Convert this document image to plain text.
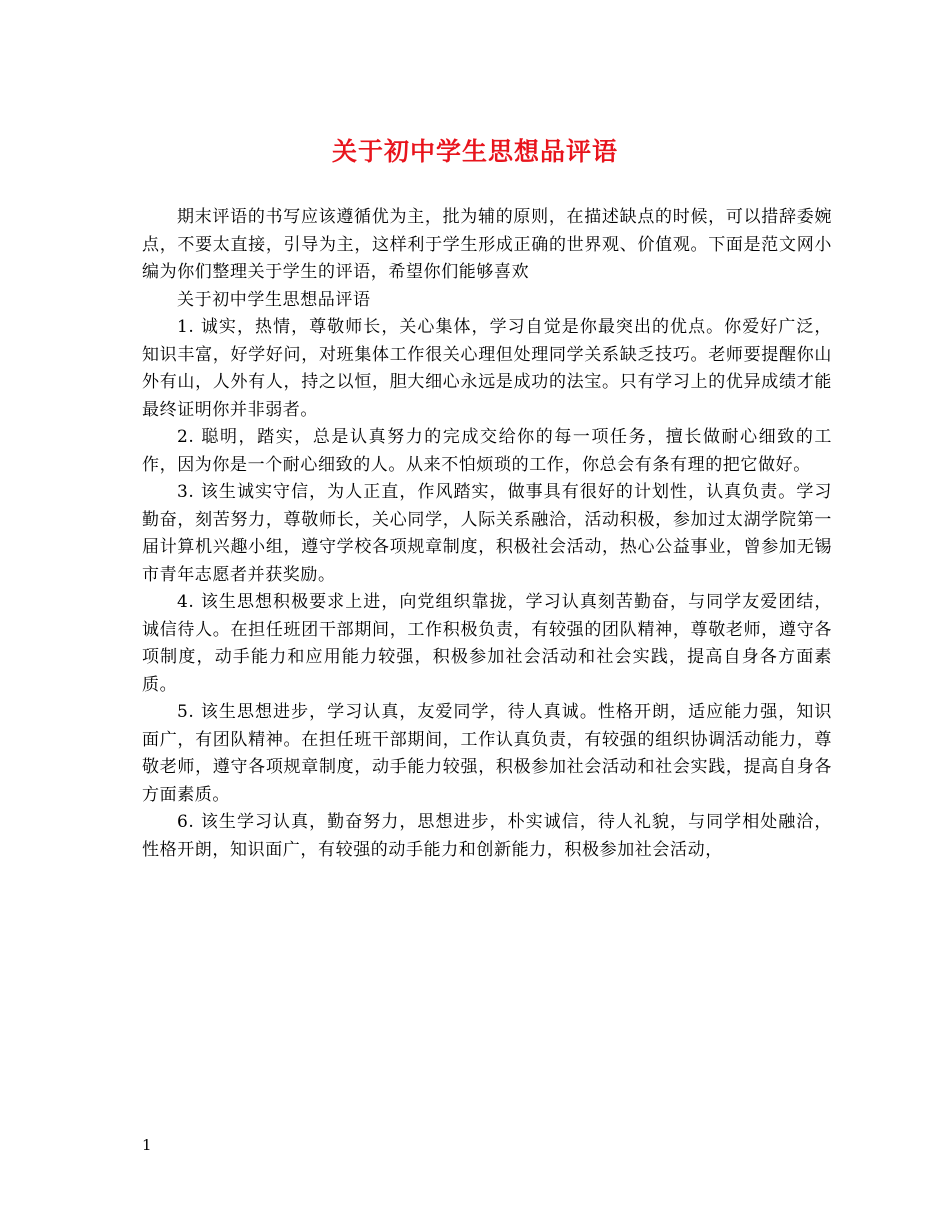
关于初中学生思想品评语

期末评语的书写应该遵循优为主，批为辅的原则，在描述缺点的时候，可以措辞委婉点，不要太直接，引导为主，这样利于学生形成正确的世界观、价值观。下面是范文网小编为你们整理关于学生的评语，希望你们能够喜欢

关于初中学生思想品评语

1. 诚实，热情，尊敬师长，关心集体，学习自觉是你最突出的优点。你爱好广泛，知识丰富，好学好问，对班集体工作很关心理但处理同学关系缺乏技巧。老师要提醒你山外有山，人外有人，持之以恒，胆大细心永远是成功的法宝。只有学习上的优异成绩才能最终证明你并非弱者。

2. 聪明，踏实，总是认真努力的完成交给你的每一项任务，擅长做耐心细致的工作，因为你是一个耐心细致的人。从来不怕烦琐的工作，你总会有条有理的把它做好。

3. 该生诚实守信，为人正直，作风踏实，做事具有很好的计划性，认真负责。学习勤奋，刻苦努力，尊敬师长，关心同学，人际关系融洽，活动积极，参加过太湖学院第一届计算机兴趣小组，遵守学校各项规章制度，积极社会活动，热心公益事业，曾参加无锡市青年志愿者并获奖励。

4. 该生思想积极要求上进，向党组织靠拢，学习认真刻苦勤奋，与同学友爱团结，诚信待人。在担任班团干部期间，工作积极负责，有较强的团队精神，尊敬老师，遵守各项制度，动手能力和应用能力较强，积极参加社会活动和社会实践，提高自身各方面素质。

5. 该生思想进步，学习认真，友爱同学，待人真诚。性格开朗，适应能力强，知识面广，有团队精神。在担任班干部期间，工作认真负责，有较强的组织协调活动能力，尊敬老师，遵守各项规章制度，动手能力较强，积极参加社会活动和社会实践，提高自身各方面素质。

6. 该生学习认真，勤奋努力，思想进步，朴实诚信，待人礼貌，与同学相处融洽，性格开朗，知识面广，有较强的动手能力和创新能力，积极参加社会活动，

1
